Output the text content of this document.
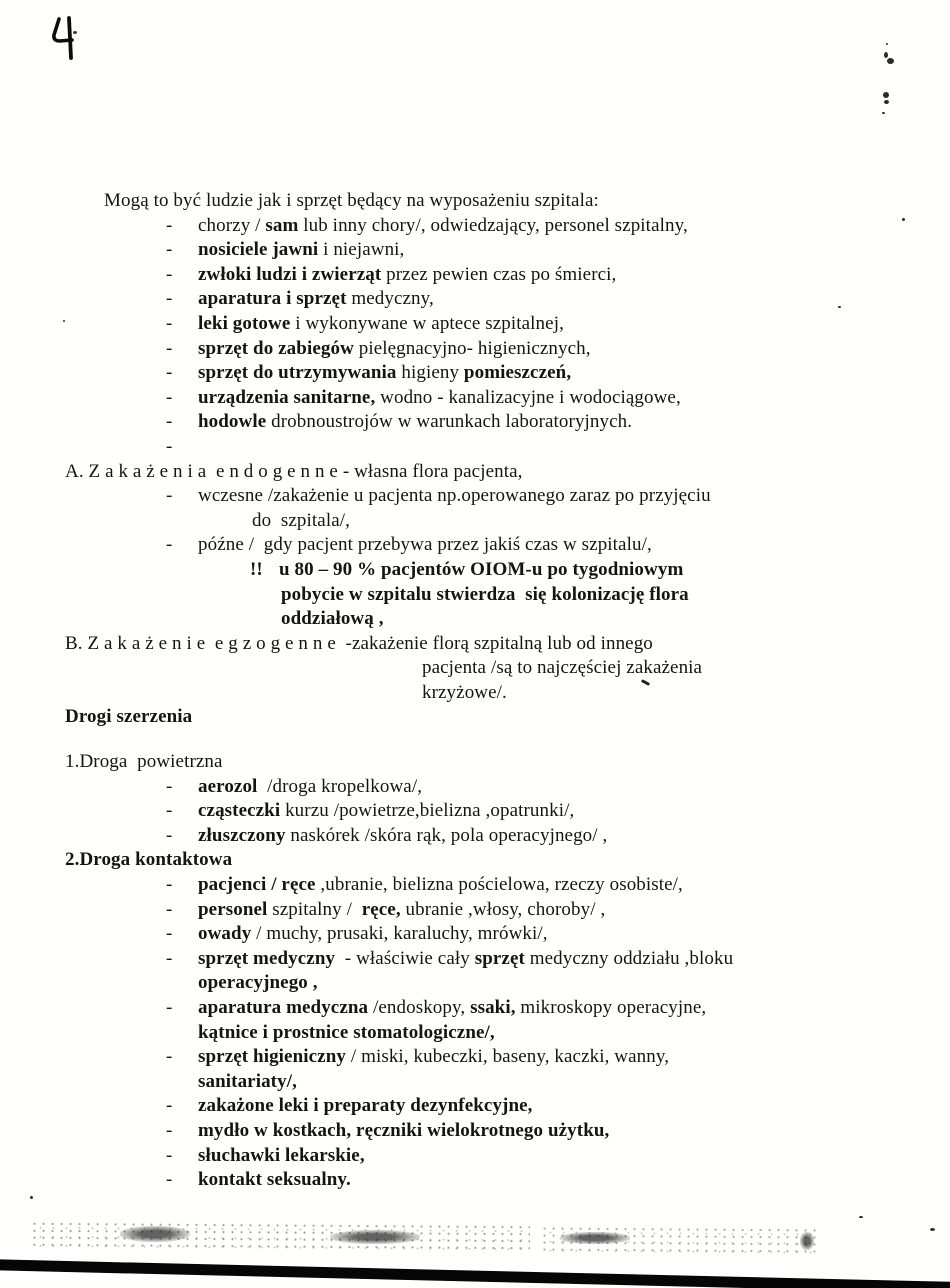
Mogą to być ludzie jak i sprzęt będący na wyposażeniu szpitala:
-	chorzy / sam lub inny chory/, odwiedzający, personel szpitalny,
-	nosiciele jawni i niejawni,
-	zwłoki ludzi i zwierząt przez pewien czas po śmierci,
-	aparatura i sprzęt medyczny,
-	leki gotowe i wykonywane w aptece szpitalnej,
-	sprzęt do zabiegów pielęgnacyjno- higienicznych,
-	sprzęt do utrzymywania higieny pomieszczeń,
-	urządzenia sanitarne, wodno - kanalizacyjne i wodociągowe,
-	hodowle drobnoustrojów w warunkach laboratoryjnych.
-
A. Z a k a ż e n i a  e n d o g e n n e - własna flora pacjenta,
-	wczesne /zakażenie u pacjenta np.operowanego zaraz po przyjęciu
do  szpitala/,
-	późne /  gdy pacjent przebywa przez jakiś czas w szpitalu/,
!! u 80 – 90 % pacjentów OIOM-u po tygodniowym
pobycie w szpitalu stwierdza  się kolonizację flora
oddziałową ,
B. Z a k a ż e n i e  e g z o g e n n e  -zakażenie florą szpitalną lub od innego
pacjenta /są to najczęściej zakażenia
krzyżowe/.
Drogi szerzenia
1.Droga  powietrzna
-	aerozol  /droga kropelkowa/,
-	cząsteczki kurzu /powietrze,bielizna ,opatrunki/,
-	złuszczony naskórek /skóra rąk, pola operacyjnego/ ,
2.Droga kontaktowa
-	pacjenci / ręce ,ubranie, bielizna pościelowa, rzeczy osobiste/,
-	personel szpitalny /  ręce, ubranie ,włosy, choroby/ ,
-	owady / muchy, prusaki, karaluchy, mrówki/,
-	sprzęt medyczny  - właściwie cały sprzęt medyczny oddziału ,bloku
operacyjnego ,
-	aparatura medyczna /endoskopy, ssaki, mikroskopy operacyjne,
kątnice i prostnice stomatologiczne/,
-	sprzęt higieniczny / miski, kubeczki, baseny, kaczki, wanny,
sanitariaty/,
-	zakażone leki i preparaty dezynfekcyjne,
-	mydło w kostkach, ręczniki wielokrotnego użytku,
-	słuchawki lekarskie,
-	kontakt seksualny.
